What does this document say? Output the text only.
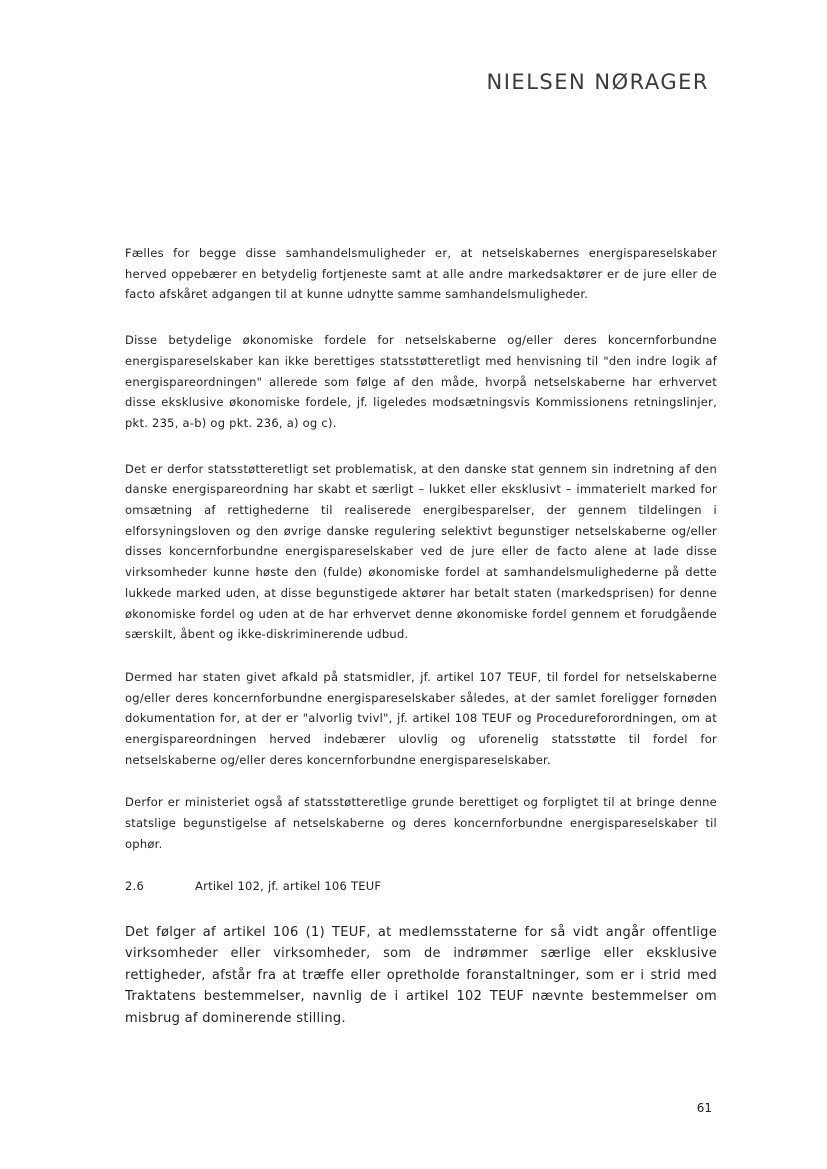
NIELSEN NØRAGER

Fælles for begge disse samhandelsmuligheder er, at netselskabernes energispareselskaber herved oppebærer en betydelig fortjeneste samt at alle andre markedsaktører er de jure eller de facto afskåret adgangen til at kunne udnytte samme samhandelsmuligheder.

Disse betydelige økonomiske fordele for netselskaberne og/eller deres koncernforbundne energispareselskaber kan ikke berettiges statsstøtteretligt med henvisning til "den indre logik af energispareordningen" allerede som følge af den måde, hvorpå netselskaberne har erhvervet disse eksklusive økonomiske fordele, jf. ligeledes modsætningsvis Kommissionens retningslinjer, pkt. 235, a-b) og pkt. 236, a) og c).

Det er derfor statsstøtteretligt set problematisk, at den danske stat gennem sin indretning af den danske energispareordning har skabt et særligt – lukket eller eksklusivt – immaterielt marked for omsætning af rettighederne til realiserede energibesparelser, der gennem tildelingen i elforsyningsloven og den øvrige danske regulering selektivt begunstiger netselskaberne og/eller disses koncernforbundne energispareselskaber ved de jure eller de facto alene at lade disse virksomheder kunne høste den (fulde) økonomiske fordel at samhandelsmulighederne på dette lukkede marked uden, at disse begunstigede aktører har betalt staten (markedsprisen) for denne økonomiske fordel og uden at de har erhvervet denne økonomiske fordel gennem et forudgående særskilt, åbent og ikke-diskriminerende udbud.

Dermed har staten givet afkald på statsmidler, jf. artikel 107 TEUF, til fordel for netselskaberne og/eller deres koncernforbundne energispareselskaber således, at der samlet foreligger fornøden dokumentation for, at der er "alvorlig tvivl", jf. artikel 108 TEUF og Procedureforordningen, om at energispareordningen herved indebærer ulovlig og uforenelig statsstøtte til fordel for netselskaberne og/eller deres koncernforbundne energispareselskaber.

Derfor er ministeriet også af statsstøtteretlige grunde berettiget og forpligtet til at bringe denne statslige begunstigelse af netselskaberne og deres koncernforbundne energispareselskaber til ophør.

2.6	Artikel 102, jf. artikel 106 TEUF

Det følger af artikel 106 (1) TEUF, at medlemsstaterne for så vidt angår offentlige virksomheder eller virksomheder, som de indrømmer særlige eller eksklusive rettigheder, afstår fra at træffe eller opretholde foranstaltninger, som er i strid med Traktatens bestemmelser, navnlig de i artikel 102 TEUF nævnte bestemmelser om misbrug af dominerende stilling.

61
